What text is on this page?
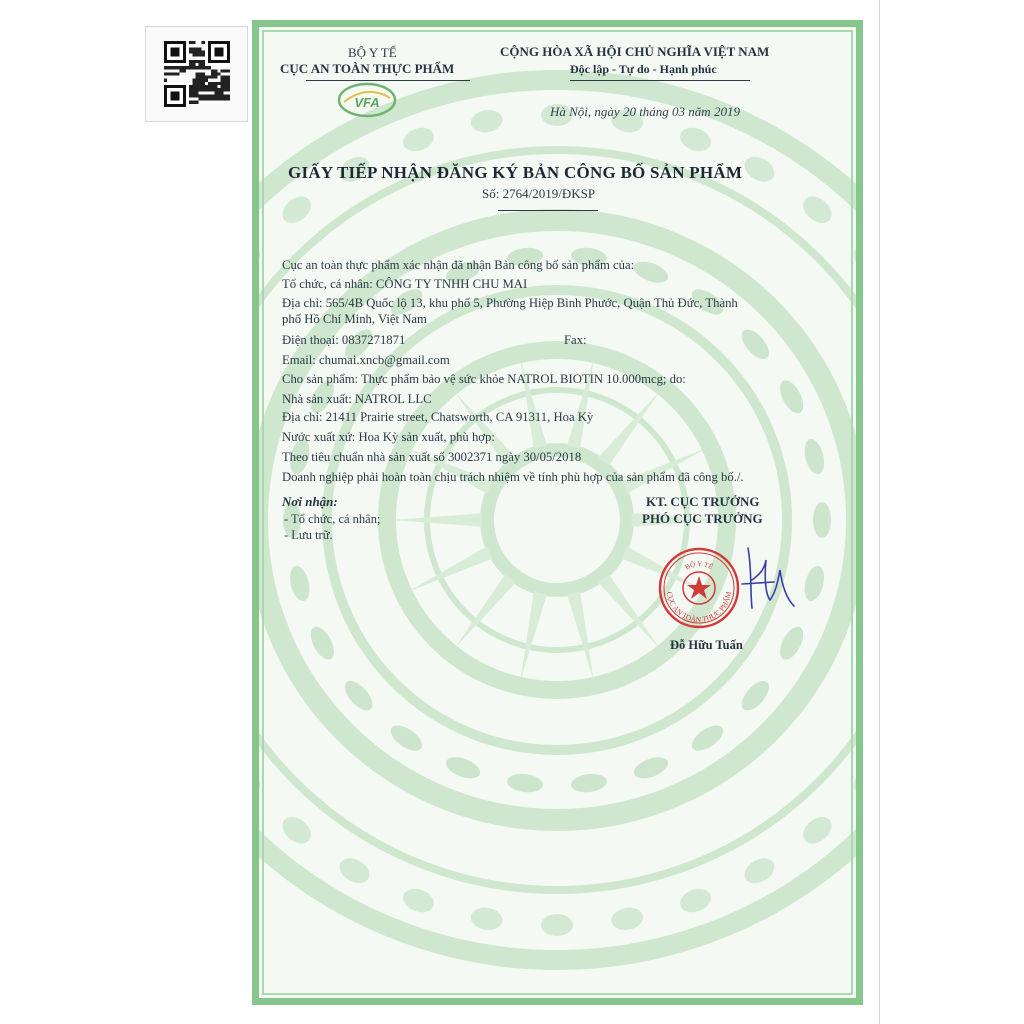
BỘ Y TẾ
CỤC AN TOÀN THỰC PHẨM
VFA
CỘNG HÒA XÃ HỘI CHỦ NGHĨA VIỆT NAM
Độc lập - Tự do - Hạnh phúc
Hà Nội, ngày 20 tháng 03 năm 2019
GIẤY TIẾP NHẬN ĐĂNG KÝ BẢN CÔNG BỐ SẢN PHẨM
Số: 2764/2019/ĐKSP
Cục an toàn thực phẩm xác nhận đã nhận Bản công bố sản phẩm của:
Tổ chức, cá nhân: CÔNG TY TNHH CHU MAI
Địa chỉ: 565/4B Quốc lộ 13, khu phố 5, Phường Hiệp Bình Phước, Quận Thủ Đức, Thành
phố Hồ Chí Minh, Việt Nam
Điện thoại: 0837271871	Fax:
Email: chumai.xncb@gmail.com
Cho sản phẩm: Thực phẩm bảo vệ sức khỏe NATROL BIOTIN 10.000mcg; do:
Nhà sản xuất: NATROL LLC
Địa chỉ: 21411 Prairie street, Chatsworth, CA 91311, Hoa Kỳ
Nước xuất xứ: Hoa Kỳ sản xuất, phù hợp:
Theo tiêu chuẩn nhà sản xuất số 3002371 ngày 30/05/2018
Doanh nghiệp phải hoàn toàn chịu trách nhiệm về tính phù hợp của sản phẩm đã công bố./.
Nơi nhận:
- Tổ chức, cá nhân;
- Lưu trữ.
KT. CỤC TRƯỞNG
PHÓ CỤC TRƯỞNG
BỘ Y TẾ
CỤC AN TOÀN THỰC PHẨM
Đỗ Hữu Tuấn
